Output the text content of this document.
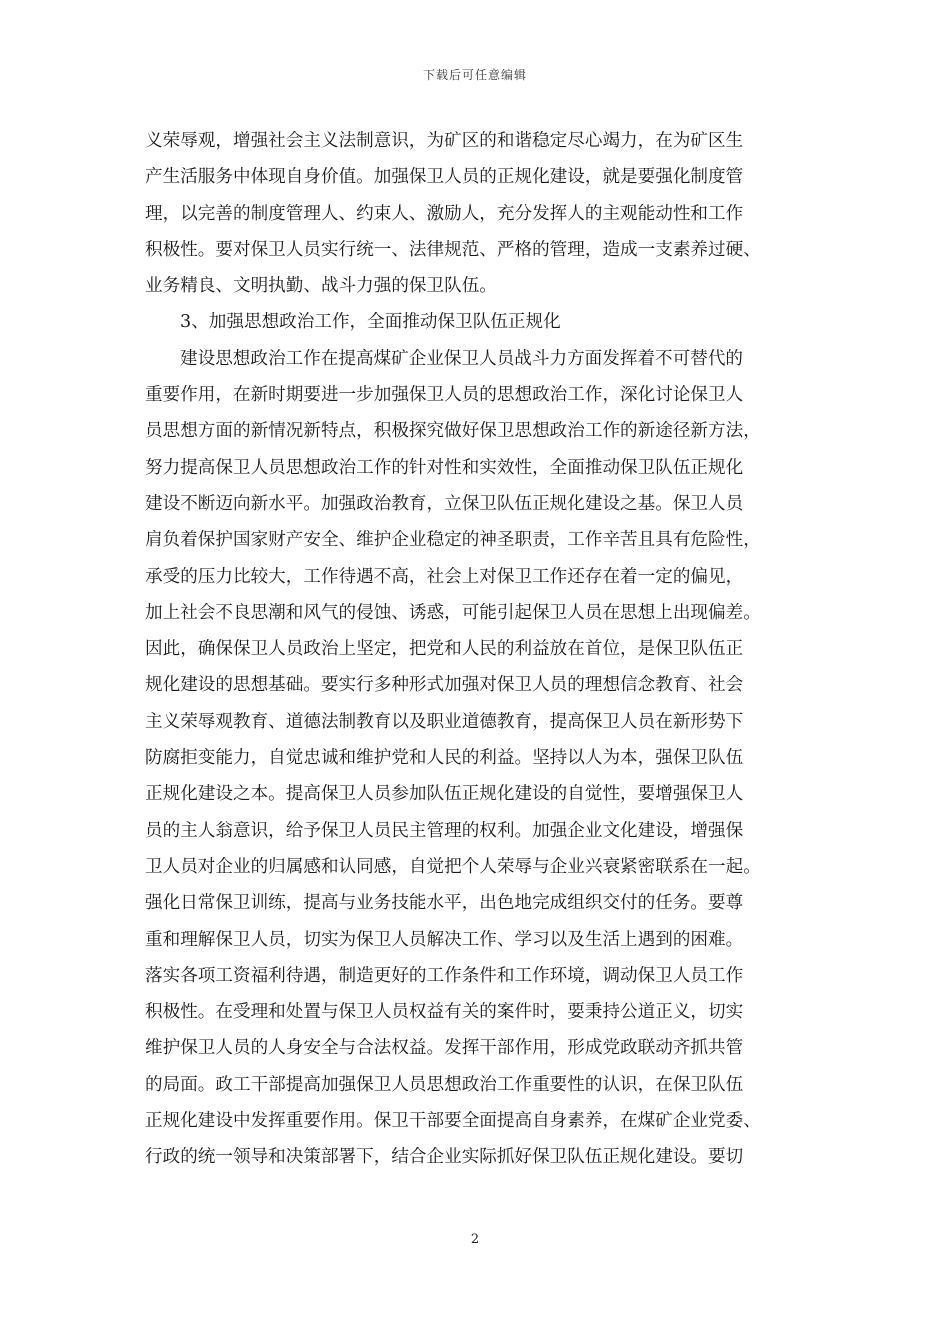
下载后可任意编辑
义荣辱观，增强社会主义法制意识，为矿区的和谐稳定尽心竭力，在为矿区生
产生活服务中体现自身价值。加强保卫人员的正规化建设，就是要强化制度管
理，以完善的制度管理人、约束人、激励人，充分发挥人的主观能动性和工作
积极性。要对保卫人员实行统一、法律规范、严格的管理，造成一支素养过硬、
业务精良、文明执勤、战斗力强的保卫队伍。
3、加强思想政治工作，全面推动保卫队伍正规化
建设思想政治工作在提高煤矿企业保卫人员战斗力方面发挥着不可替代的
重要作用，在新时期要进一步加强保卫人员的思想政治工作，深化讨论保卫人
员思想方面的新情况新特点，积极探究做好保卫思想政治工作的新途径新方法，
努力提高保卫人员思想政治工作的针对性和实效性，全面推动保卫队伍正规化
建设不断迈向新水平。加强政治教育，立保卫队伍正规化建设之基。保卫人员
肩负着保护国家财产安全、维护企业稳定的神圣职责，工作辛苦且具有危险性，
承受的压力比较大，工作待遇不高，社会上对保卫工作还存在着一定的偏见，
加上社会不良思潮和风气的侵蚀、诱惑，可能引起保卫人员在思想上出现偏差。
因此，确保保卫人员政治上坚定，把党和人民的利益放在首位，是保卫队伍正
规化建设的思想基础。要实行多种形式加强对保卫人员的理想信念教育、社会
主义荣辱观教育、道德法制教育以及职业道德教育，提高保卫人员在新形势下
防腐拒变能力，自觉忠诚和维护党和人民的利益。坚持以人为本，强保卫队伍
正规化建设之本。提高保卫人员参加队伍正规化建设的自觉性，要增强保卫人
员的主人翁意识，给予保卫人员民主管理的权利。加强企业文化建设，增强保
卫人员对企业的归属感和认同感，自觉把个人荣辱与企业兴衰紧密联系在一起。
强化日常保卫训练，提高与业务技能水平，出色地完成组织交付的任务。要尊
重和理解保卫人员，切实为保卫人员解决工作、学习以及生活上遇到的困难。
落实各项工资福利待遇，制造更好的工作条件和工作环境，调动保卫人员工作
积极性。在受理和处置与保卫人员权益有关的案件时，要秉持公道正义，切实
维护保卫人员的人身安全与合法权益。发挥干部作用，形成党政联动齐抓共管
的局面。政工干部提高加强保卫人员思想政治工作重要性的认识，在保卫队伍
正规化建设中发挥重要作用。保卫干部要全面提高自身素养，在煤矿企业党委、
行政的统一领导和决策部署下，结合企业实际抓好保卫队伍正规化建设。要切
2
